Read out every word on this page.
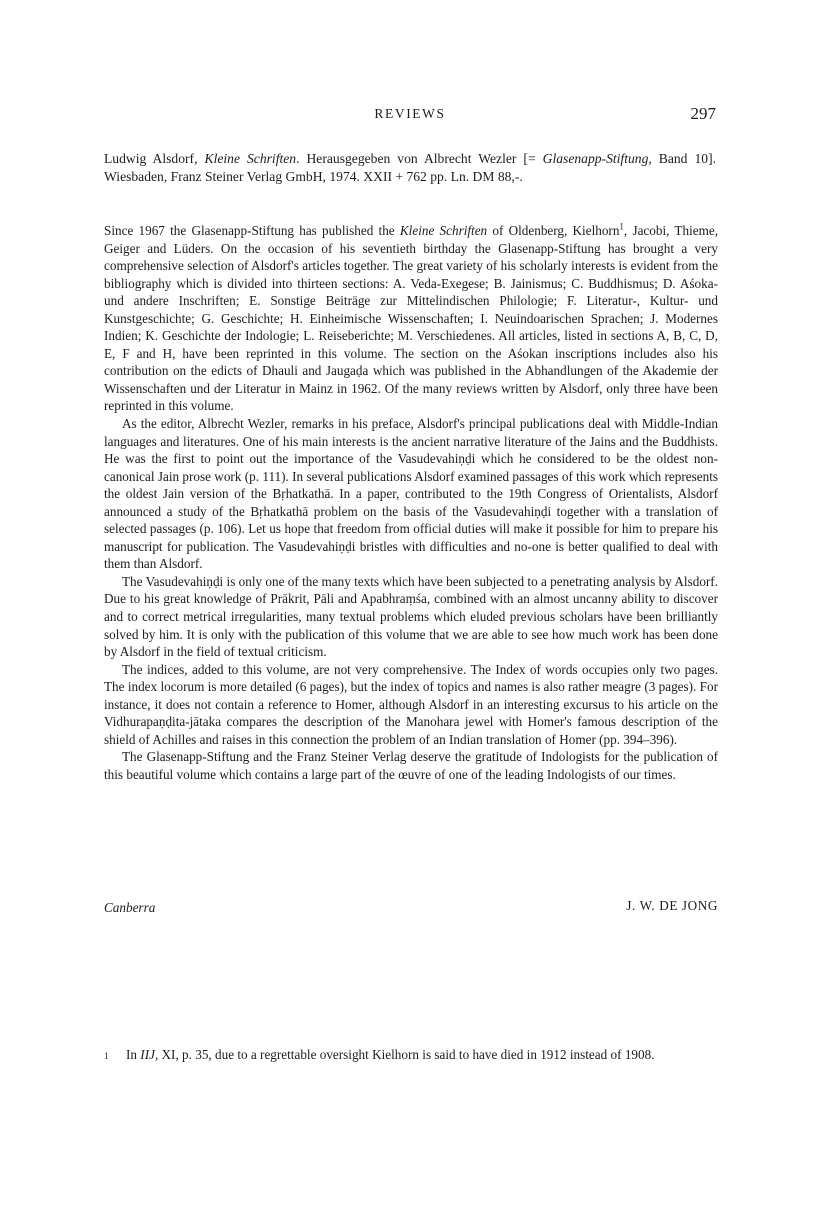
REVIEWS	297
Ludwig Alsdorf, Kleine Schriften. Herausgegeben von Albrecht Wezler [= Glasenapp-Stiftung, Band 10]. Wiesbaden, Franz Steiner Verlag GmbH, 1974. XXII + 762 pp. Ln. DM 88,-.

Since 1967 the Glasenapp-Stiftung has published the Kleine Schriften of Oldenberg, Kielhorn$^1$, Jacobi, Thieme, Geiger and Lüders. On the occasion of his seventieth birthday the Glasenapp-Stiftung has brought a very comprehensive selection of Alsdorf's articles together. The great variety of his scholarly interests is evident from the bibliography which is divided into thirteen sections: A. Veda-Exegese; B. Jainismus; C. Buddhismus; D. Aśoka- und andere Inschriften; E. Sonstige Beiträge zur Mittelindischen Philologie; F. Literatur-, Kultur- und Kunstgeschichte; G. Geschichte; H. Einheimische Wissenschaften; I. Neuindoarischen Sprachen; J. Modernes Indien; K. Geschichte der Indologie; L. Reiseberichte; M. Verschiedenes. All articles, listed in sections A, B, C, D, E, F and H, have been reprinted in this volume. The section on the Aśokan inscriptions includes also his contribution on the edicts of Dhauli and Jaugaḍa which was published in the Abhandlungen of the Akademie der Wissenschaften und der Literatur in Mainz in 1962. Of the many reviews written by Alsdorf, only three have been reprinted in this volume.

As the editor, Albrecht Wezler, remarks in his preface, Alsdorf's principal publications deal with Middle-Indian languages and literatures. One of his main interests is the ancient narrative literature of the Jains and the Buddhists. He was the first to point out the importance of the Vasudevahiṇḍi which he considered to be the oldest non-canonical Jain prose work (p. 111). In several publications Alsdorf examined passages of this work which represents the oldest Jain version of the Bṛhatkathā. In a paper, contributed to the 19th Congress of Orientalists, Alsdorf announced a study of the Bṛhatkathā problem on the basis of the Vasudevahiṇḍi together with a translation of selected passages (p. 106). Let us hope that freedom from official duties will make it possible for him to prepare his manuscript for publication. The Vasudevahiṇḍi bristles with difficulties and no-one is better qualified to deal with them than Alsdorf.

The Vasudevahiṇḍi is only one of the many texts which have been subjected to a penetrating analysis by Alsdorf. Due to his great knowledge of Prākrit, Pāli and Apabhraṃśa, combined with an almost uncanny ability to discover and to correct metrical irregularities, many textual problems which eluded previous scholars have been brilliantly solved by him. It is only with the publication of this volume that we are able to see how much work has been done by Alsdorf in the field of textual criticism.

The indices, added to this volume, are not very comprehensive. The Index of words occupies only two pages. The index locorum is more detailed (6 pages), but the index of topics and names is also rather meagre (3 pages). For instance, it does not contain a reference to Homer, although Alsdorf in an interesting excursus to his article on the Vidhurapaṇḍita-jātaka compares the description of the Manohara jewel with Homer's famous description of the shield of Achilles and raises in this connection the problem of an Indian translation of Homer (pp. 394–396).

The Glasenapp-Stiftung and the Franz Steiner Verlag deserve the gratitude of Indologists for the publication of this beautiful volume which contains a large part of the œuvre of one of the leading Indologists of our times.

Canberra	J. W. DE JONG
1 In IIJ, XI, p. 35, due to a regrettable oversight Kielhorn is said to have died in 1912 instead of 1908.
